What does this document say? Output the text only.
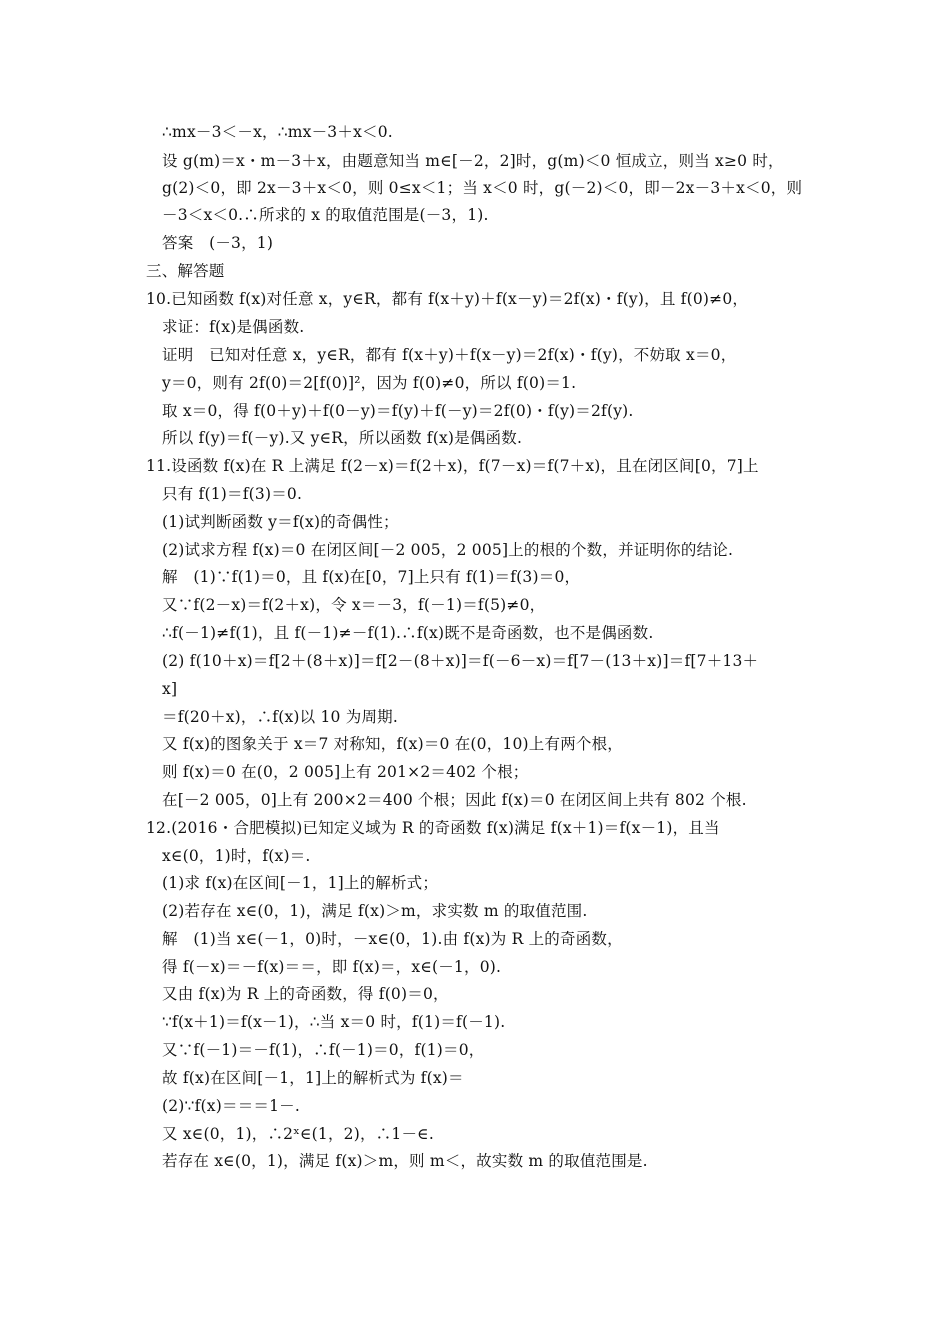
∴mx－3＜－x，∴mx－3＋x＜0.
设 g(m)＝x・m－3＋x，由题意知当 m∈[－2，2]时，g(m)＜0 恒成立，则当 x≥0 时，
g(2)＜0，即 2x－3＋x＜0，则 0≤x＜1；当 x＜0 时，g(－2)＜0，即－2x－3＋x＜0，则
－3＜x＜0.∴所求的 x 的取值范围是(－3，1).
答案　(－3，1)
三、解答题
10.已知函数 f(x)对任意 x，y∈R，都有 f(x＋y)＋f(x－y)＝2f(x)・f(y)，且 f(0)≠0，
求证：f(x)是偶函数.
证明　已知对任意 x，y∈R，都有 f(x＋y)＋f(x－y)＝2f(x)・f(y)，不妨取 x＝0，
y＝0，则有 2f(0)＝2[f(0)]²，因为 f(0)≠0，所以 f(0)＝1.
取 x＝0，得 f(0＋y)＋f(0－y)＝f(y)＋f(－y)＝2f(0)・f(y)＝2f(y).
所以 f(y)＝f(－y).又 y∈R，所以函数 f(x)是偶函数.
11.设函数 f(x)在 R 上满足 f(2－x)＝f(2＋x)，f(7－x)＝f(7＋x)，且在闭区间[0，7]上
只有 f(1)＝f(3)＝0.
(1)试判断函数 y＝f(x)的奇偶性；
(2)试求方程 f(x)＝0 在闭区间[－2 005，2 005]上的根的个数，并证明你的结论.
解　(1)∵f(1)＝0，且 f(x)在[0，7]上只有 f(1)＝f(3)＝0，
又∵f(2－x)＝f(2＋x)，令 x＝－3，f(－1)＝f(5)≠0，
∴f(－1)≠f(1)，且 f(－1)≠－f(1).∴f(x)既不是奇函数，也不是偶函数.
(2) f(10＋x)＝f[2＋(8＋x)]＝f[2－(8＋x)]＝f(－6－x)＝f[7－(13＋x)]＝f[7＋13＋
x]
＝f(20＋x)，∴f(x)以 10 为周期.
又 f(x)的图象关于 x＝7 对称知，f(x)＝0 在(0，10)上有两个根，
则 f(x)＝0 在(0，2 005]上有 201×2＝402 个根；
在[－2 005，0]上有 200×2＝400 个根；因此 f(x)＝0 在闭区间上共有 802 个根.
12.(2016・合肥模拟)已知定义域为 R 的奇函数 f(x)满足 f(x＋1)＝f(x－1)，且当
x∈(0，1)时，f(x)＝.
(1)求 f(x)在区间[－1，1]上的解析式；
(2)若存在 x∈(0，1)，满足 f(x)＞m，求实数 m 的取值范围.
解　(1)当 x∈(－1，0)时，－x∈(0，1).由 f(x)为 R 上的奇函数，
得 f(－x)＝－f(x)＝＝，即 f(x)＝，x∈(－1，0).
又由 f(x)为 R 上的奇函数，得 f(0)＝0，
∵f(x＋1)＝f(x－1)，∴当 x＝0 时，f(1)＝f(－1).
又∵f(－1)＝－f(1)，∴f(－1)＝0，f(1)＝0，
故 f(x)在区间[－1，1]上的解析式为 f(x)＝
(2)∵f(x)＝＝＝1－.
又 x∈(0，1)，∴2ˣ∈(1，2)，∴1－∈.
若存在 x∈(0，1)，满足 f(x)＞m，则 m＜，故实数 m 的取值范围是.
